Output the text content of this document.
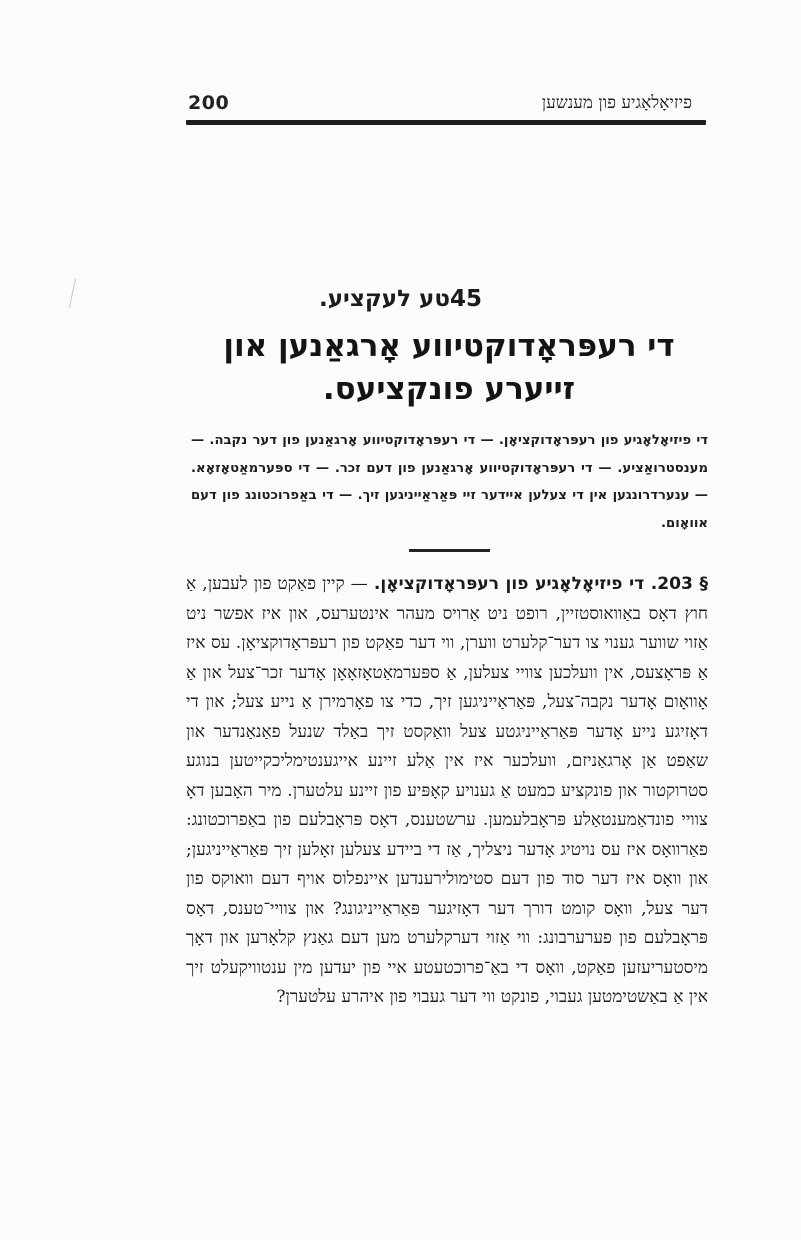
200	פיזיאָלאָגיע פון מענשען
45טע לעקציע.
די רעפּראָדוקטיווע אָרגאַנען און זייערע פונקציעס.
די פיזיאָלאָגיע פון רעפּראָדוקציאָן. — די רעפּראָדוקטיווע אָרגאַנען פון דער נקבה. — מענסטרואַציע. — די רעפּראָדוקטיווע אָרגאַנען פון דעם זכר. — די ספּערמאַטאָזאָא. — ענערדרונגען אין די צעלען איידער זיי פּאַראַייניגען זיך. — די באַפרוכטונג פון דעם אוואָום.
§ 203. די פיזיאָלאָגיע פון רעפּראָדוקציאָן. — קיין פאַקט פון לעבען, אַ חוץ דאָס באַוואוסטזיין, רופט ניט אַרויס מעהר אינטערעס, און איז אפשר ניט אַזוי שווער גענוי צו דער־קלערט ווערן, ווי דער פאַקט פון רעפּראָדוקציאָן. עס איז אַ פּראָצעס, אין וועלכען צוויי צעלען, אַ ספּערמאַטאָזאָאָן אָדער זכר־צעל און אַ אָוואָום אָדער נקבה־צעל, פּאַראַייניגען זיך, כדי צו פאָרמירן אַ נייע צעל; און די דאָזיגע נייע אָדער פּאַראַייניגטע צעל וואַקסט זיך באַלד שנעל פאַנאַנדער און שאַפט אַן אָרגאַניזם, וועלכער איז אין אַלע זיינע אייגענטימליכקייטען בנוגע סטרוקטור און פונקציע כמעט אַ גענויע קאָפּיע פון זיינע עלטערן. מיר האָבען דאָ צוויי פונדאַמענטאַלע פּראָבלעמען. ערשטענס, דאָס פּראָבלעם פון באַפרוכטונג: פאַרוואָס איז עס נויטיג אָדער ניצליך, אַז די ביידע צעלען זאָלען זיך פּאַראַייניגען; און וואָס איז דער סוד פון דעם סטימולירענדען איינפלוס אויף דעם וואוקס פון דער צעל, וואָס קומט דורך דער דאָזיגער פּאַראַייניגונג? און צוויי־טענס, דאָס פּראָבלעם פון פערערבונג: ווי אַזוי דערקלערט מען דעם גאַנץ קלאָרען און דאָך מיסטעריעזען פאַקט, וואָס די באַ־פרוכטעטע איי פון יעדען מין ענטוויקעלט זיך אין אַ באַשטימטען געבוי, פונקט ווי דער געבוי פון איהרע עלטערן?
